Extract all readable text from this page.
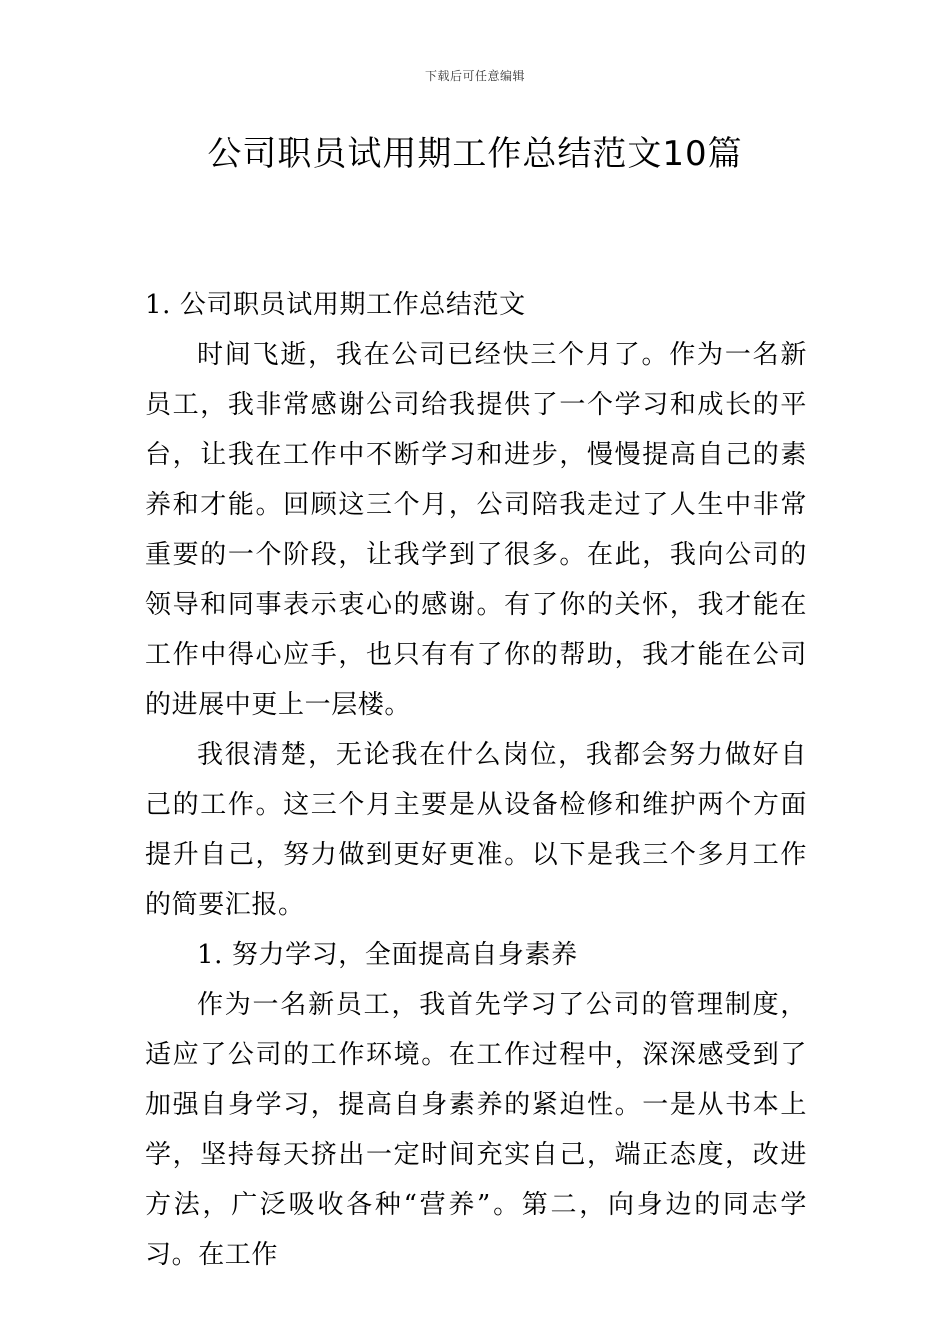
下载后可任意编辑
公司职员试用期工作总结范文10篇

1. 公司职员试用期工作总结范文

时间飞逝，我在公司已经快三个月了。作为一名新员工，我非常感谢公司给我提供了一个学习和成长的平台，让我在工作中不断学习和进步，慢慢提高自己的素养和才能。回顾这三个月，公司陪我走过了人生中非常重要的一个阶段，让我学到了很多。在此，我向公司的领导和同事表示衷心的感谢。有了你的关怀，我才能在工作中得心应手，也只有有了你的帮助，我才能在公司的进展中更上一层楼。

我很清楚，无论我在什么岗位，我都会努力做好自己的工作。这三个月主要是从设备检修和维护两个方面提升自己，努力做到更好更准。以下是我三个多月工作的简要汇报。

1. 努力学习，全面提高自身素养

作为一名新员工，我首先学习了公司的管理制度，适应了公司的工作环境。在工作过程中，深深感受到了加强自身学习，提高自身素养的紧迫性。一是从书本上学，坚持每天挤出一定时间充实自己，端正态度，改进方法，广泛吸收各种“营养”。第二，向身边的同志学习。在工作
